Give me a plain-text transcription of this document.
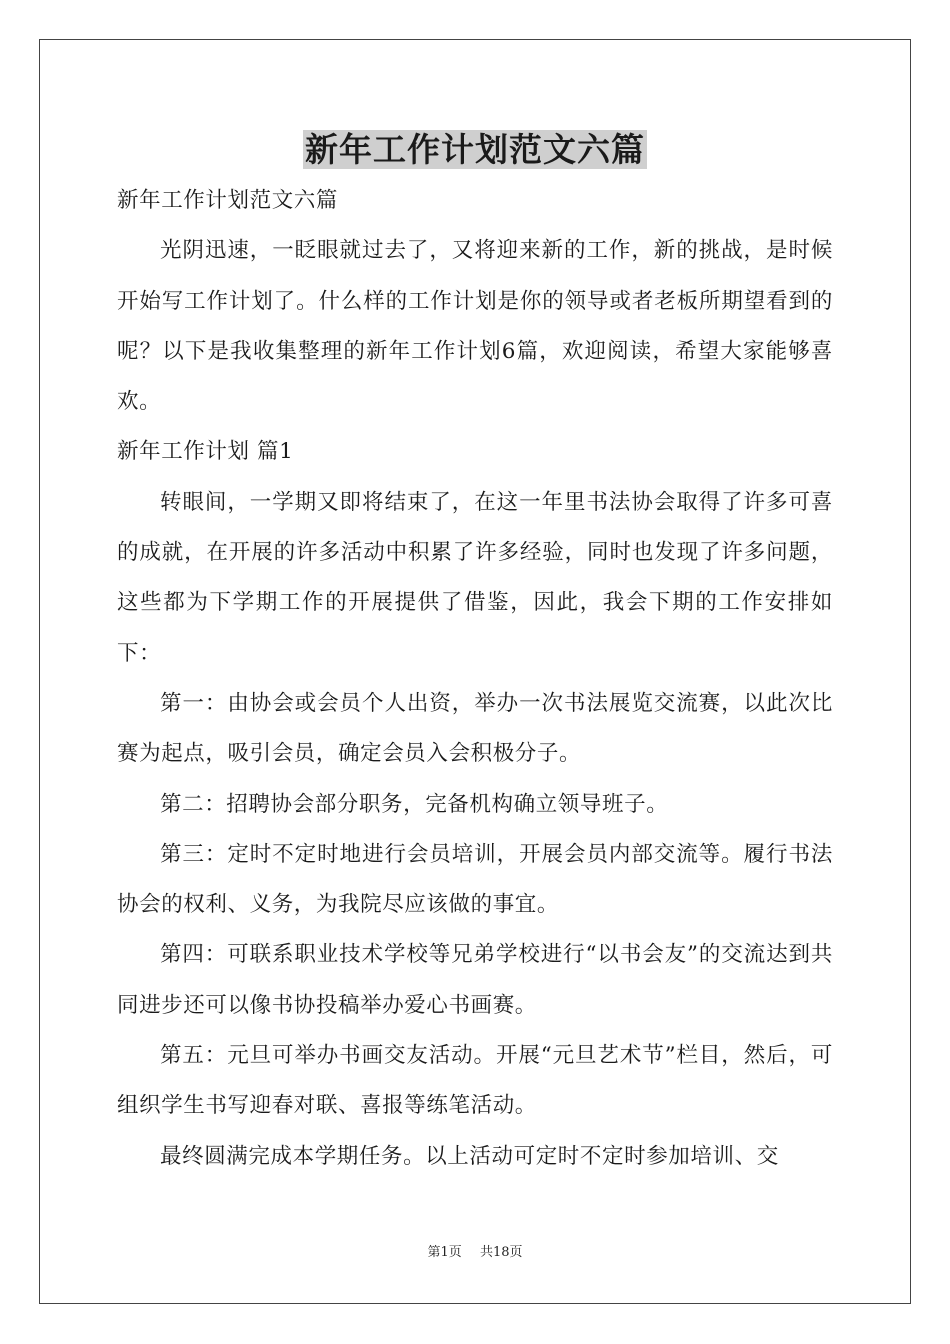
新年工作计划范文六篇

新年工作计划范文六篇

光阴迅速，一眨眼就过去了，又将迎来新的工作，新的挑战，是时候开始写工作计划了。什么样的工作计划是你的领导或者老板所期望看到的呢？以下是我收集整理的新年工作计划6篇，欢迎阅读，希望大家能够喜欢。

新年工作计划 篇1

转眼间，一学期又即将结束了，在这一年里书法协会取得了许多可喜的成就，在开展的许多活动中积累了许多经验，同时也发现了许多问题，这些都为下学期工作的开展提供了借鉴，因此，我会下期的工作安排如下：

第一：由协会或会员个人出资，举办一次书法展览交流赛，以此次比赛为起点，吸引会员，确定会员入会积极分子。

第二：招聘协会部分职务，完备机构确立领导班子。

第三：定时不定时地进行会员培训，开展会员内部交流等。履行书法协会的权利、义务，为我院尽应该做的事宜。

第四：可联系职业技术学校等兄弟学校进行“以书会友”的交流达到共同进步还可以像书协投稿举办爱心书画赛。

第五：元旦可举办书画交友活动。开展“元旦艺术节”栏目，然后，可组织学生书写迎春对联、喜报等练笔活动。

最终圆满完成本学期任务。以上活动可定时不定时参加培训、交

第1页 共18页
